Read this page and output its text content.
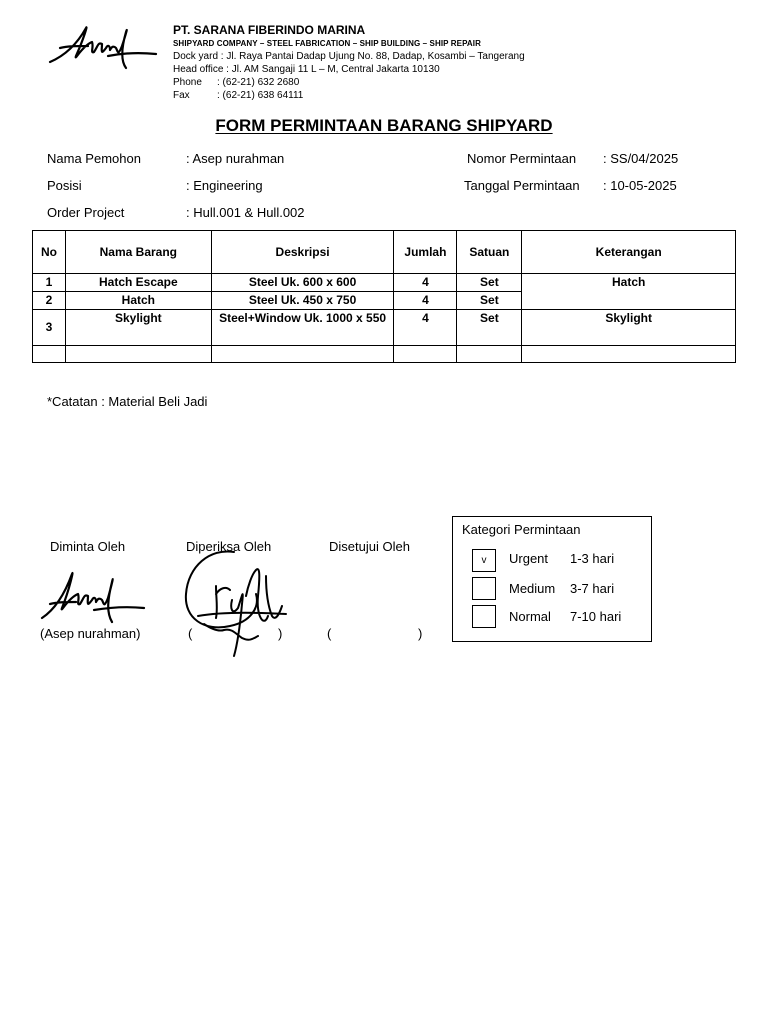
PT. SARANA FIBERINDO MARINA
SHIPYARD COMPANY – STEEL FABRICATION – SHIP BUILDING – SHIP REPAIR
Dock yard : Jl. Raya Pantai Dadap Ujung No. 88, Dadap, Kosambi – Tangerang
Head office : Jl. AM Sangaji 11 L – M, Central Jakarta 10130
Phone : (62-21) 632 2680
Fax	: (62-21) 638 64111
FORM PERMINTAAN BARANG SHIPYARD
Nama Pemohon	: Asep nurahman
Posisi	: Engineering
Order Project	: Hull.001 & Hull.002
Nomor Permintaan : SS/04/2025
Tanggal Permintaan : 10-05-2025
No	Nama Barang	Deskripsi	Jumlah	Satuan	Keterangan
1	Hatch Escape	Steel Uk. 600 x 600	4	Set	Hatch
2	Hatch	Steel Uk. 450 x 750	4	Set	
3	Skylight	Steel+Window Uk. 1000 x 550	4	Set	Skylight

*Catatan : Material Beli Jadi
Diminta Oleh	Diperiksa Oleh	Disetujui Oleh
(Asep nurahman)	(	)	(	)
Kategori Permintaan
v	Urgent 1-3 hari
Medium 3-7 hari
Normal 7-10 hari
